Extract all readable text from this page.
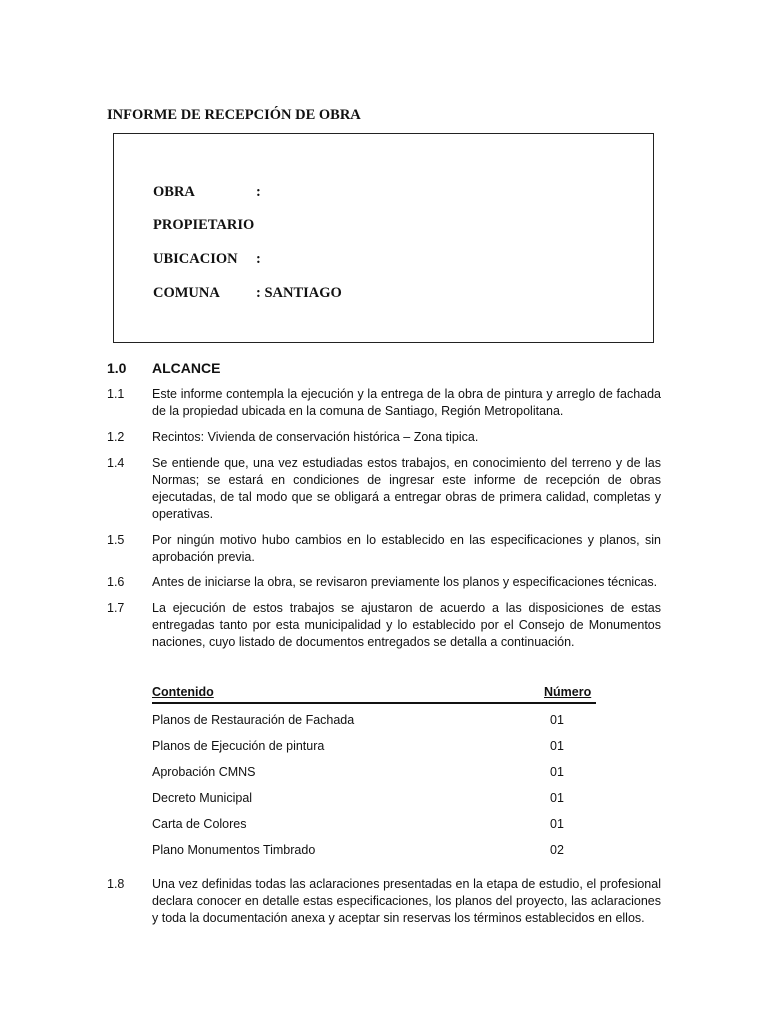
INFORME DE RECEPCIÓN DE OBRA
OBRA	:
PROPIETARIO
UBICACION :
COMUNA : SANTIAGO
1.0 ALCANCE
1.1	Este informe contempla la ejecución y la entrega de la obra de pintura y arreglo de fachada de la propiedad ubicada en la comuna de Santiago, Región Metropolitana.
1.2	Recintos: Vivienda de conservación histórica – Zona tipica.
1.4	Se entiende que, una vez estudiadas estos trabajos, en conocimiento del terreno y de las Normas; se estará en condiciones de ingresar este informe de recepción de obras ejecutadas, de tal modo que se obligará a entregar obras de primera calidad, completas y operativas.
1.5	Por ningún motivo hubo cambios en lo establecido en las especificaciones y planos, sin aprobación previa.
1.6	Antes de iniciarse la obra, se revisaron previamente los planos y especificaciones técnicas.
1.7	La ejecución de estos trabajos se ajustaron de acuerdo a las disposiciones de estas entregadas tanto por esta municipalidad y lo establecido por el Consejo de Monumentos naciones, cuyo listado de documentos entregados se detalla a continuación.
Contenido	Número
Planos de Restauración de Fachada	01
Planos de Ejecución de pintura	01
Aprobación CMNS	01
Decreto Municipal	01
Carta de Colores	01
Plano Monumentos Timbrado	02
1.8	Una vez definidas todas las aclaraciones presentadas en la etapa de estudio, el profesional declara conocer en detalle estas especificaciones, los planos del proyecto, las aclaraciones y toda la documentación anexa y aceptar sin reservas los términos establecidos en ellos.
